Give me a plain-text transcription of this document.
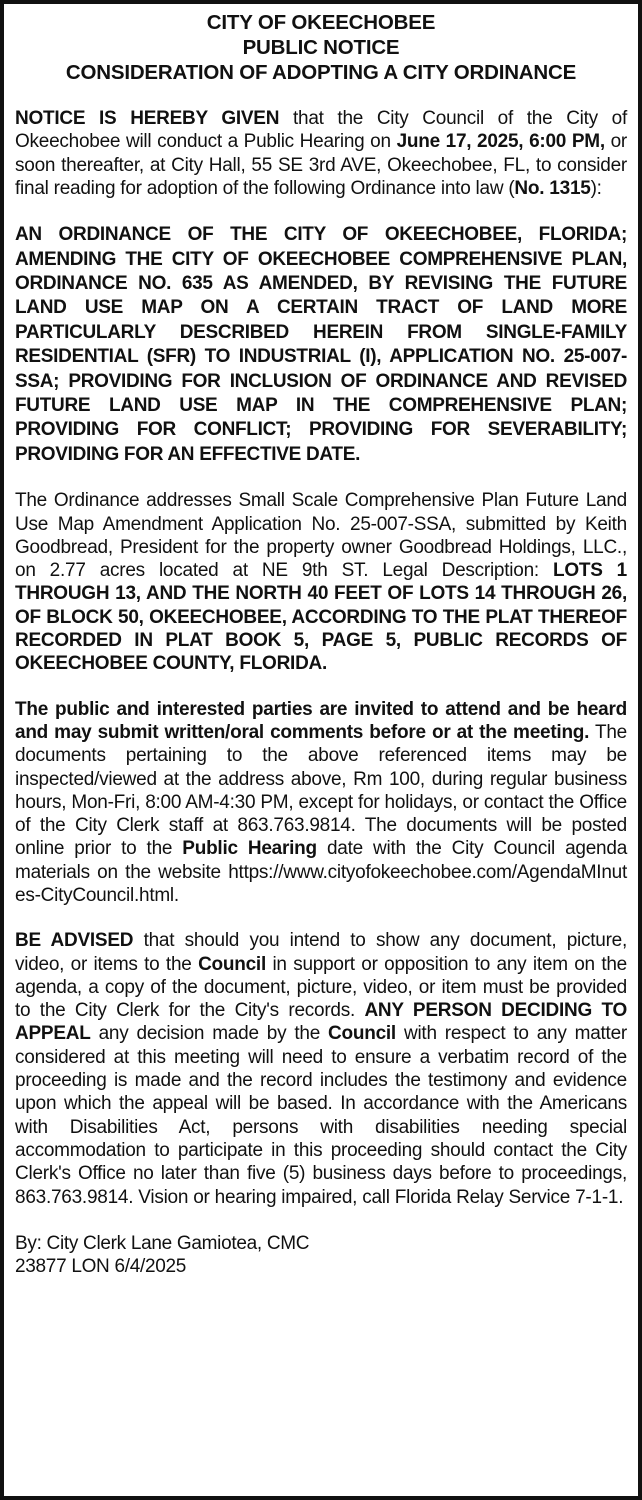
CITY OF OKEECHOBEE
PUBLIC NOTICE
CONSIDERATION OF ADOPTING A CITY ORDINANCE

NOTICE IS HEREBY GIVEN that the City Council of the City of Okeechobee will conduct a Public Hearing on June 17, 2025, 6:00 PM, or soon thereafter, at City Hall, 55 SE 3rd AVE, Okeechobee, FL, to consider final reading for adoption of the following Ordinance into law (No. 1315):

AN ORDINANCE OF THE CITY OF OKEECHOBEE, FLORIDA; AMENDING THE CITY OF OKEECHOBEE COMPREHENSIVE PLAN, ORDINANCE NO. 635 AS AMENDED, BY REVISING THE FUTURE LAND USE MAP ON A CERTAIN TRACT OF LAND MORE PARTICULARLY DESCRIBED HEREIN FROM SINGLE-FAMILY RESIDENTIAL (SFR) TO INDUSTRIAL (I), APPLICATION NO. 25-007-SSA; PROVIDING FOR INCLUSION OF ORDINANCE AND REVISED FUTURE LAND USE MAP IN THE COMPREHENSIVE PLAN; PROVIDING FOR CONFLICT; PROVIDING FOR SEVERABILITY; PROVIDING FOR AN EFFECTIVE DATE.

The Ordinance addresses Small Scale Comprehensive Plan Future Land Use Map Amendment Application No. 25-007-SSA, submitted by Keith Goodbread, President for the property owner Goodbread Holdings, LLC., on 2.77 acres located at NE 9th ST. Legal Description: LOTS 1 THROUGH 13, AND THE NORTH 40 FEET OF LOTS 14 THROUGH 26, OF BLOCK 50, OKEECHOBEE, ACCORDING TO THE PLAT THEREOF RECORDED IN PLAT BOOK 5, PAGE 5, PUBLIC RECORDS OF OKEECHOBEE COUNTY, FLORIDA.

The public and interested parties are invited to attend and be heard and may submit written/oral comments before or at the meeting. The documents pertaining to the above referenced items may be inspected/viewed at the address above, Rm 100, during regular business hours, Mon-Fri, 8:00 AM-4:30 PM, except for holidays, or contact the Office of the City Clerk staff at 863.763.9814. The documents will be posted online prior to the Public Hearing date with the City Council agenda materials on the website https://www.cityofokeechobee.com/AgendaMInutes-CityCouncil.html.

BE ADVISED that should you intend to show any document, picture, video, or items to the Council in support or opposition to any item on the agenda, a copy of the document, picture, video, or item must be provided to the City Clerk for the City's records. ANY PERSON DECIDING TO APPEAL any decision made by the Council with respect to any matter considered at this meeting will need to ensure a verbatim record of the proceeding is made and the record includes the testimony and evidence upon which the appeal will be based. In accordance with the Americans with Disabilities Act, persons with disabilities needing special accommodation to participate in this proceeding should contact the City Clerk's Office no later than five (5) business days before to proceedings, 863.763.9814. Vision or hearing impaired, call Florida Relay Service 7-1-1.

By: City Clerk Lane Gamiotea, CMC

23877 LON 6/4/2025
